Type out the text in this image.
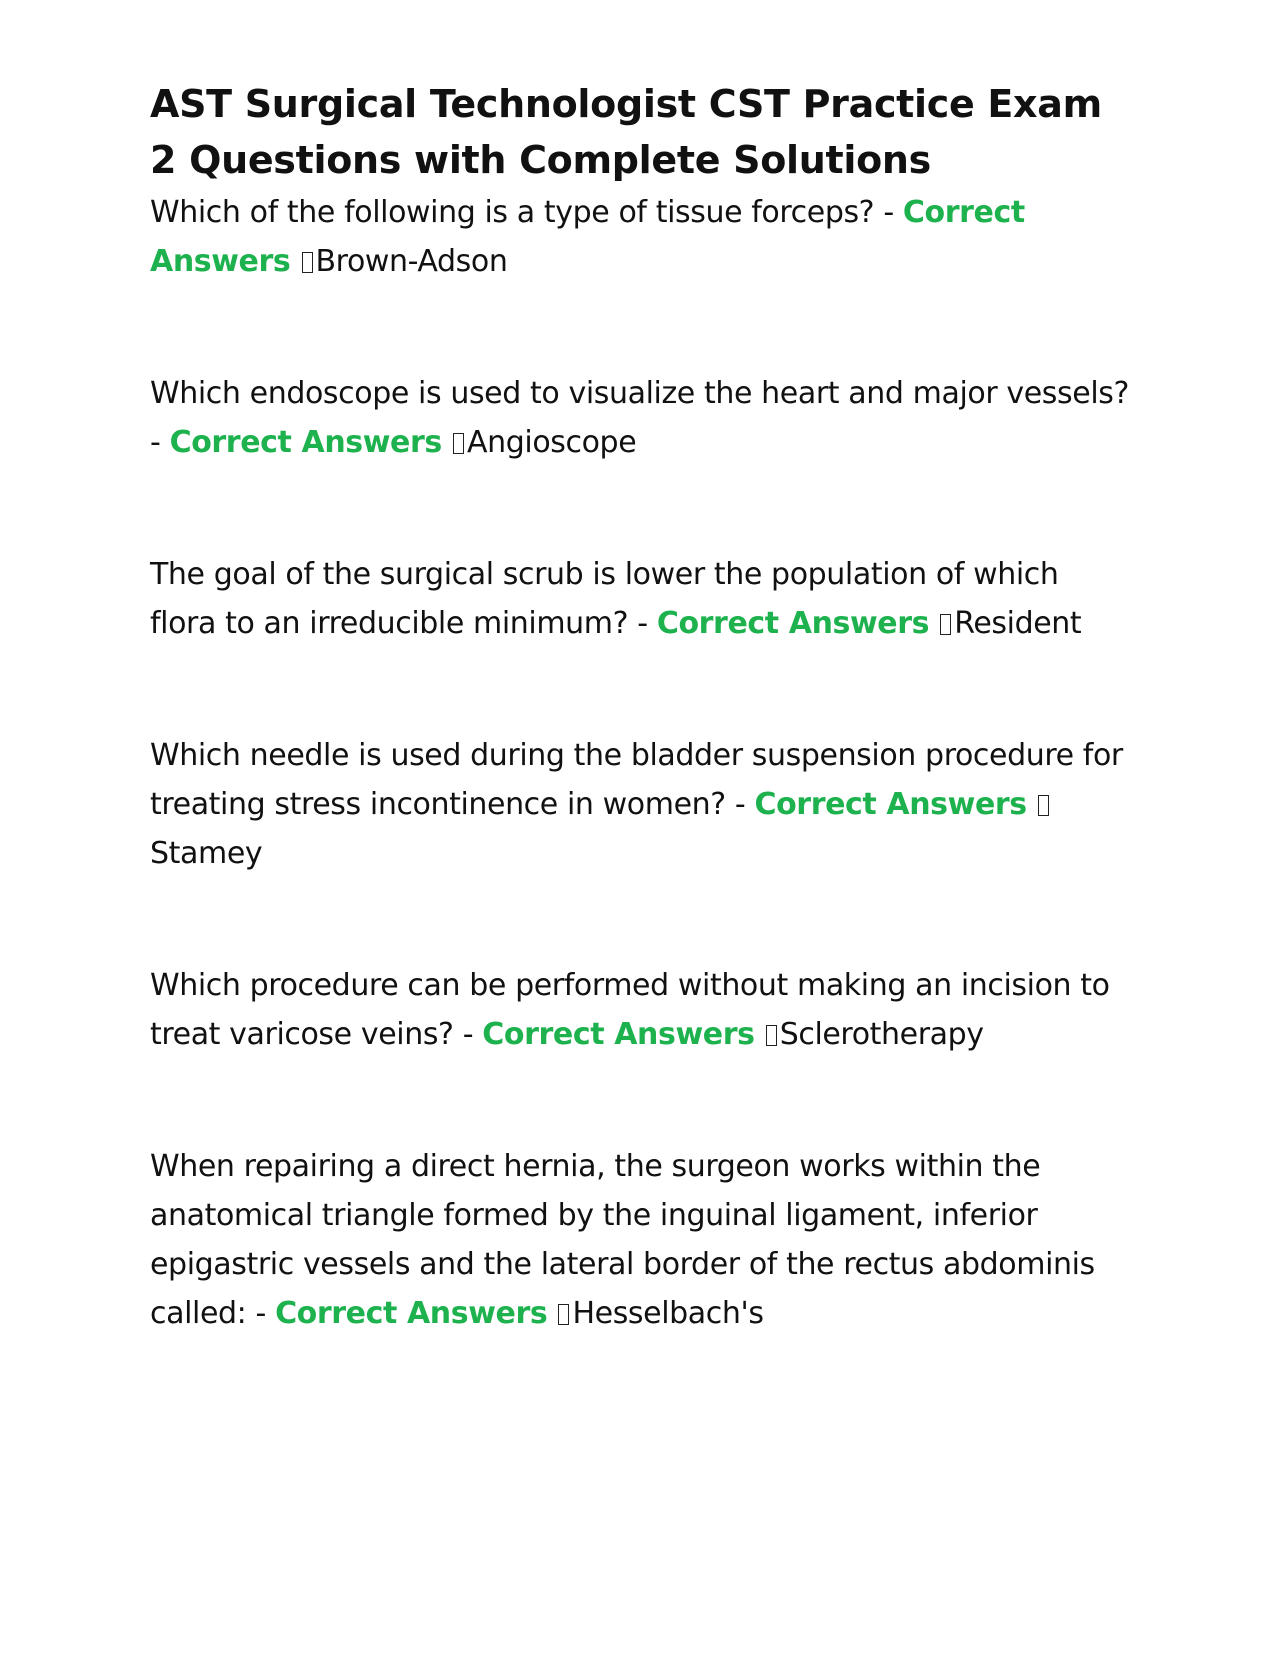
AST Surgical Technologist CST Practice Exam 2 Questions with Complete Solutions

Which of the following is a type of tissue forceps? - Correct Answers Brown-Adson

Which endoscope is used to visualize the heart and major vessels? - Correct Answers Angioscope

The goal of the surgical scrub is lower the population of which flora to an irreducible minimum? - Correct Answers Resident

Which needle is used during the bladder suspension procedure for treating stress incontinence in women? - Correct Answers Stamey

Which procedure can be performed without making an incision to treat varicose veins? - Correct Answers Sclerotherapy

When repairing a direct hernia, the surgeon works within the anatomical triangle formed by the inguinal ligament, inferior epigastric vessels and the lateral border of the rectus abdominis called: - Correct Answers Hesselbach's
